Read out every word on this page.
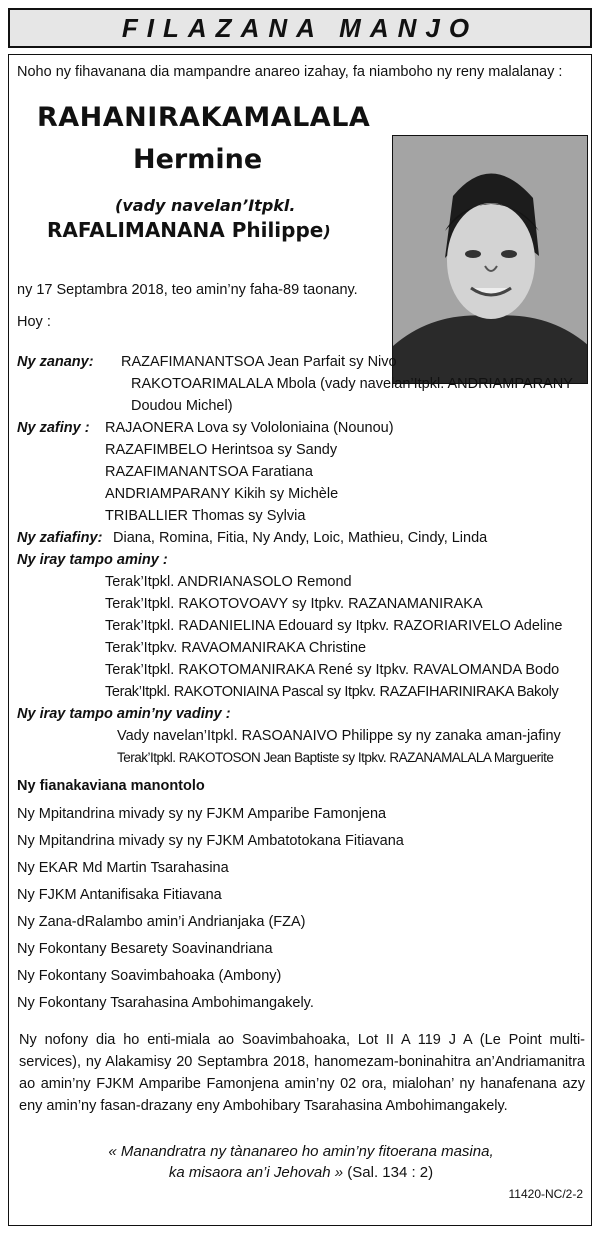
FILAZANA MANJO
Noho ny fihavanana dia mampandre anareo izahay, fa niamboho ny reny malalanay :
RAHANIRAKAMALALA
Hermine
(vady navelan’Itpkl.
RAFALIMANANA Philippe)
ny 17 Septambra 2018, teo amin’ny faha-89 taonany.
Hoy :
Ny zanany: RAZAFIMANANTSOA Jean Parfait sy Nivo
RAKOTOARIMALALA Mbola (vady navelan’Itpkl. ANDRIAMPARANY
Doudou Michel)
Ny zafiny : RAJAONERA Lova sy Vololoniaina (Nounou)
RAZAFIMBELO Herintsoa sy Sandy
RAZAFIMANANTSOA Faratiana
ANDRIAMPARANY Kikih sy Michèle
TRIBALLIER Thomas sy Sylvia
Ny zafiafiny: Diana, Romina, Fitia, Ny Andy, Loic, Mathieu, Cindy, Linda
Ny iray tampo aminy :
Terak’Itpkl. ANDRIANASOLO Remond
Terak’Itpkl. RAKOTOVOAVY sy Itpkv. RAZANAMANIRAKA
Terak’Itpkl. RADANIELINA Edouard sy Itpkv. RAZORIARIVELO Adeline
Terak’Itpkv. RAVAOMANIRAKA Christine
Terak’Itpkl. RAKOTOMANIRAKA René sy Itpkv. RAVALOMANDA Bodo
Terak’Itpkl. RAKOTONIAINA Pascal sy Itpkv. RAZAFIHARINIRAKA Bakoly
Ny iray tampo amin’ny vadiny :
Vady navelan’Itpkl. RASOANAIVO Philippe sy ny zanaka aman-jafiny
Terak’Itpkl. RAKOTOSON Jean Baptiste sy Itpkv. RAZANAMALALA Marguerite
Ny fianakaviana manontolo
Ny Mpitandrina mivady sy ny FJKM Amparibe Famonjena
Ny Mpitandrina mivady sy ny FJKM Ambatotokana Fitiavana
Ny EKAR Md Martin Tsarahasina
Ny FJKM Antanifisaka Fitiavana
Ny Zana-dRalambo amin’i Andrianjaka (FZA)
Ny Fokontany Besarety Soavinandriana
Ny Fokontany Soavimbahoaka (Ambony)
Ny Fokontany Tsarahasina Ambohimangakely.
Ny nofony dia ho enti-miala ao Soavimbahoaka, Lot II A 119 J A (Le Point multi-services), ny Alakamisy 20 Septambra 2018, hanomezam-boninahitra an’Andriamanitra ao amin’ny FJKM Amparibe Famonjena amin’ny 02 ora, mialohan’ ny hanafenana azy eny amin’ny fasan-drazany eny Ambohibary Tsarahasina Ambohimangakely.
« Manandratra ny tànanareo ho amin’ny fitoerana masina,
ka misaora an’i Jehovah » (Sal. 134 : 2)
11420-NC/2-2
